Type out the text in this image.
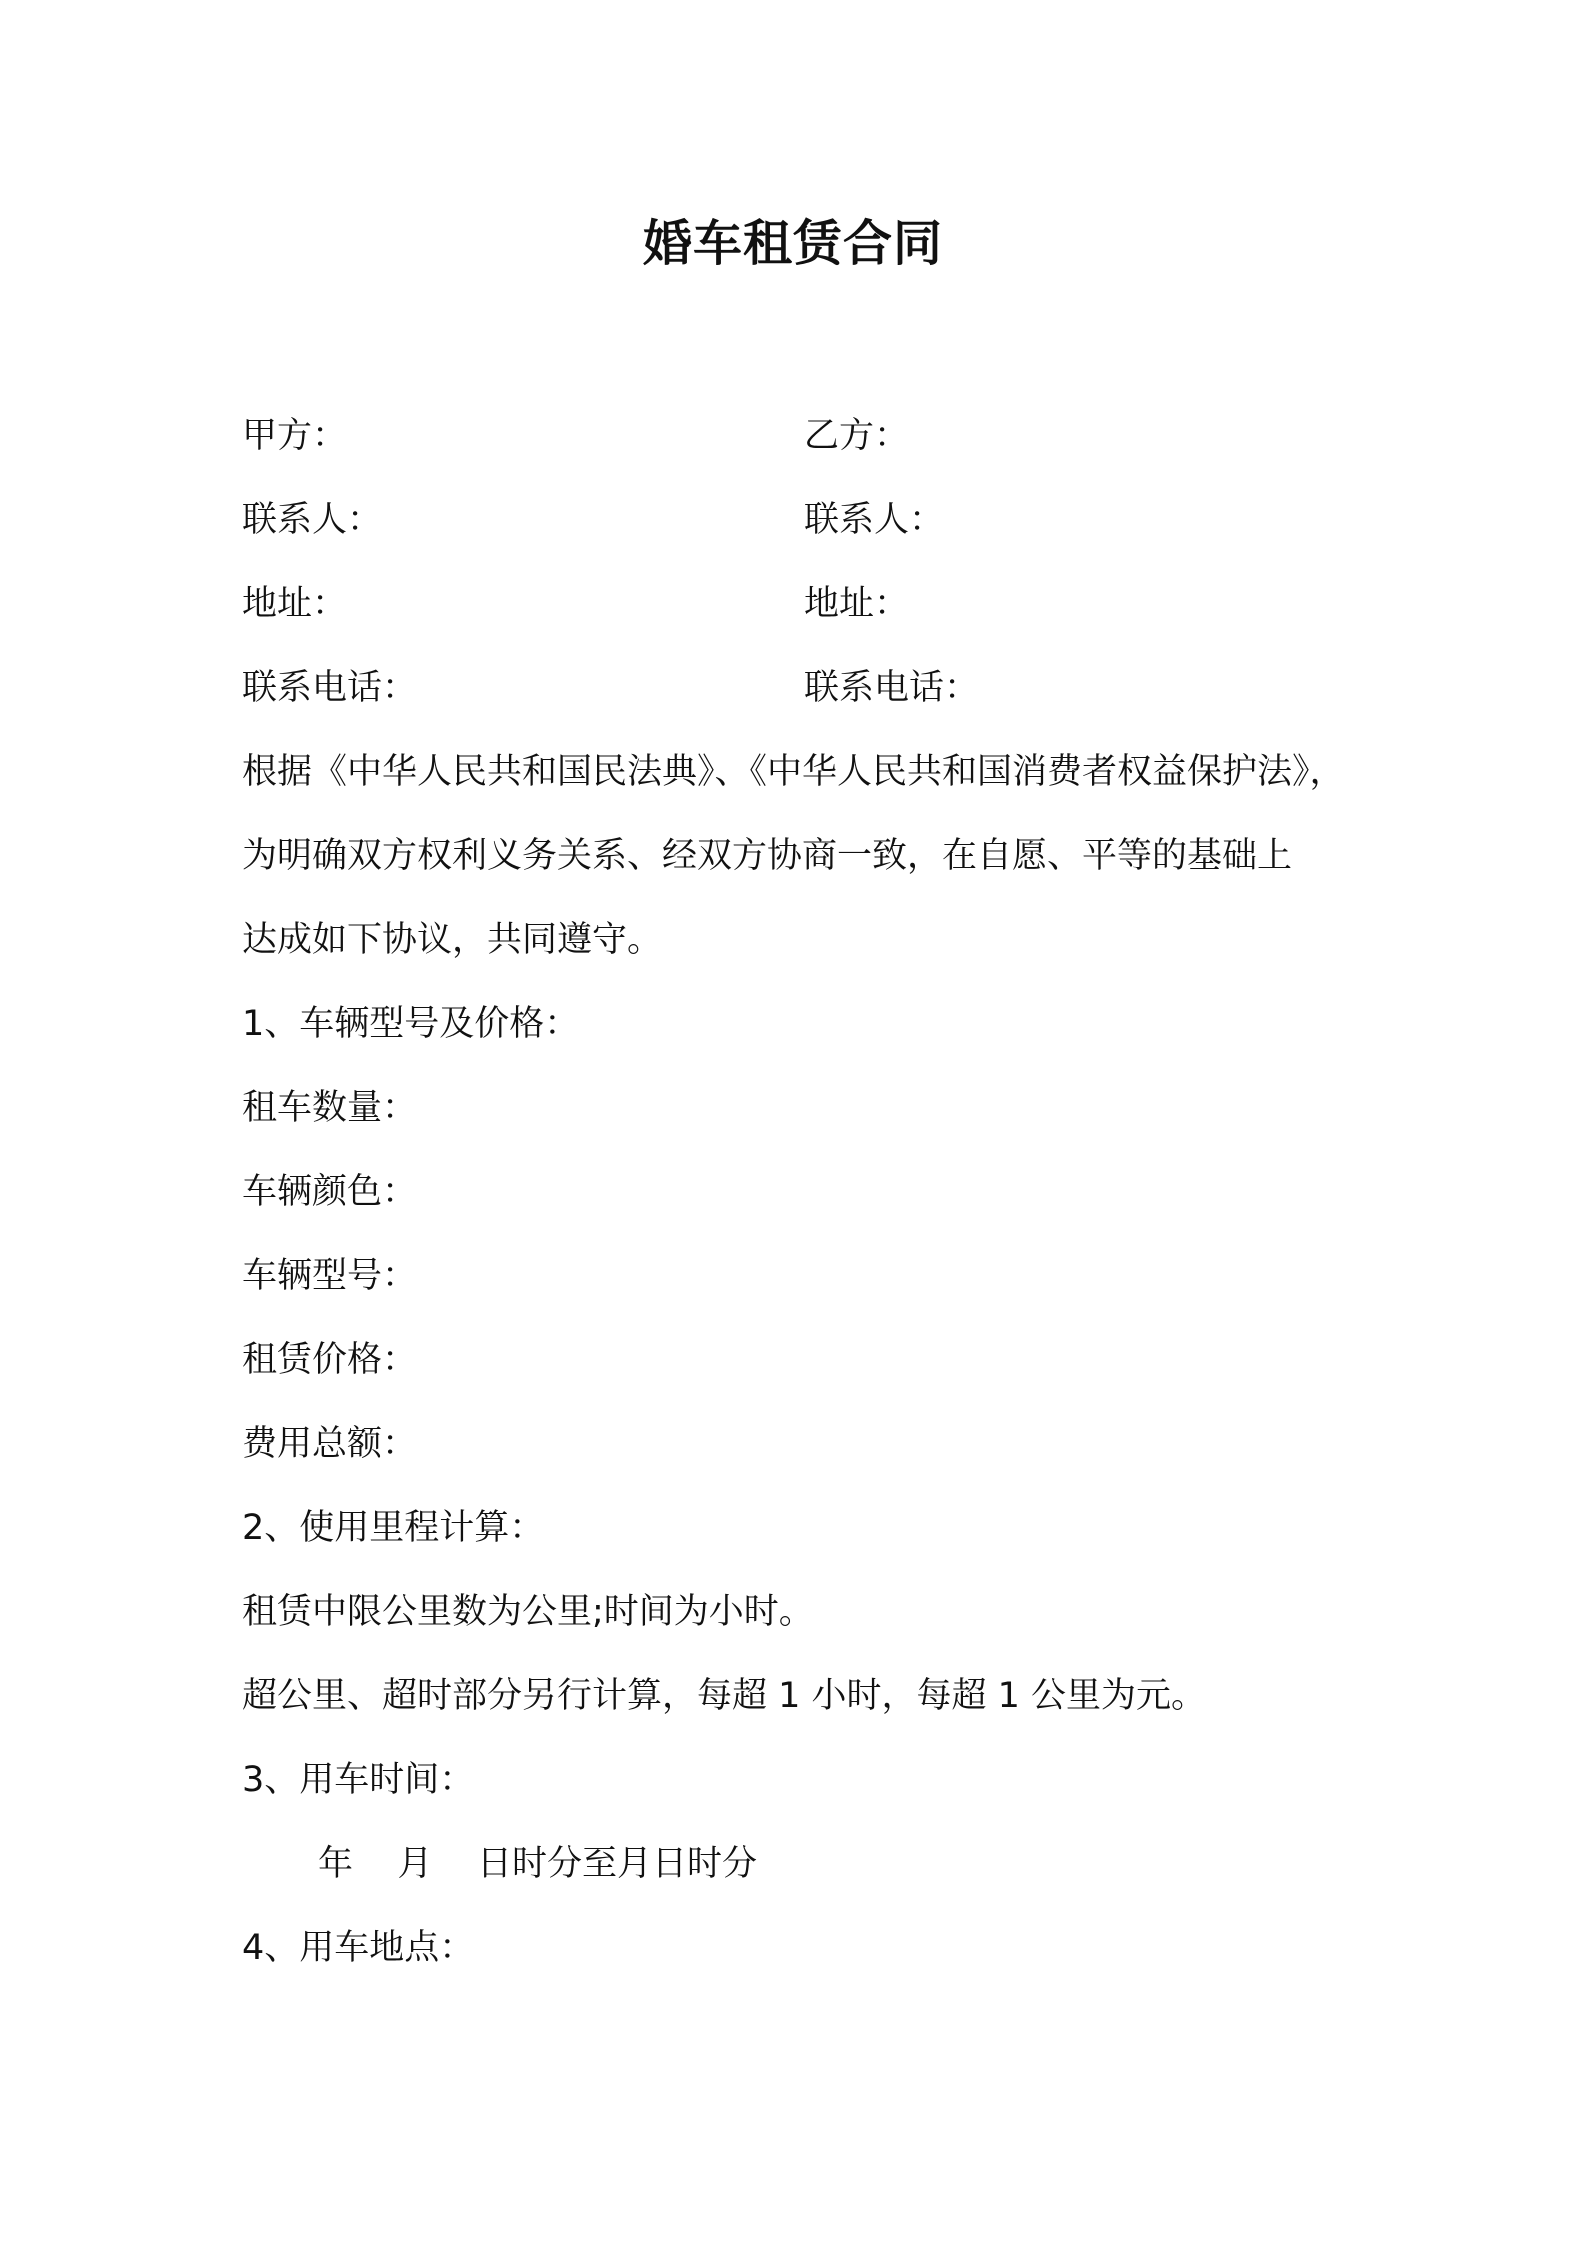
婚车租赁合同
甲方：	乙方：
联系人：	联系人：
地址：	地址：
联系电话：	联系电话：
根据《中华人民共和国民法典》、《中华人民共和国消费者权益保护法》，
为明确双方权利义务关系、经双方协商一致，在自愿、平等的基础上
达成如下协议，共同遵守。
1、车辆型号及价格：
租车数量：
车辆颜色：
车辆型号：
租赁价格：
费用总额：
2、使用里程计算：
租赁中限公里数为公里;时间为小时。
超公里、超时部分另行计算，每超 1 小时，每超 1 公里为元。
3、用车时间：
年    月    日时分至月日时分
4、用车地点：
